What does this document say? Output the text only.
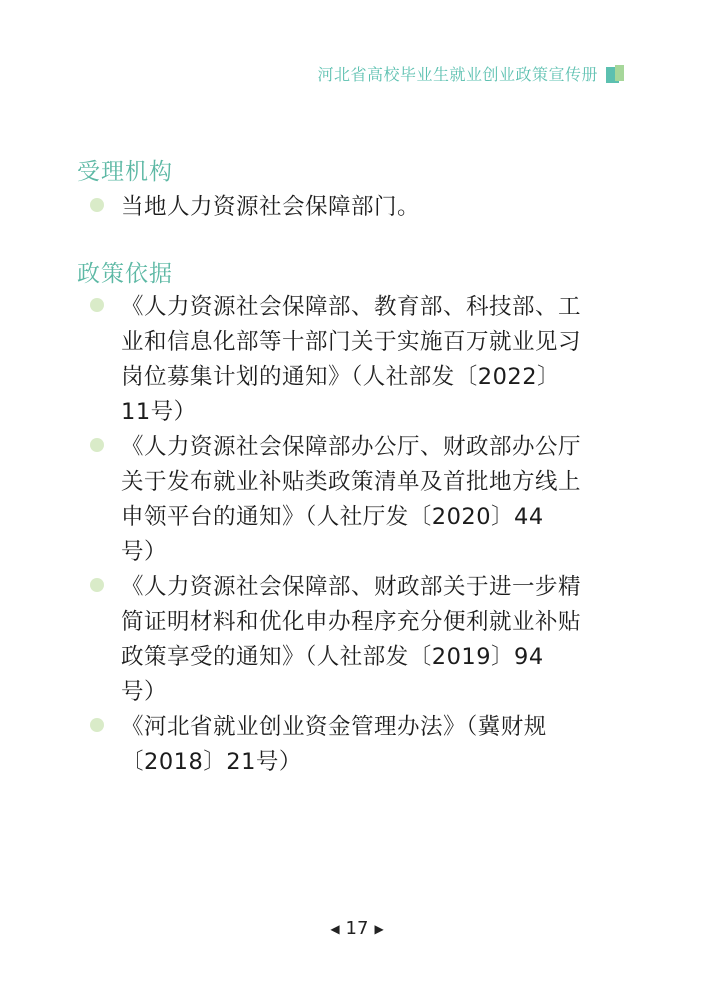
河北省高校毕业生就业创业政策宣传册
受理机构
当地人力资源社会保障部门。
政策依据
《人力资源社会保障部、教育部、科技部、工
业和信息化部等十部门关于实施百万就业见习
岗位募集计划的通知》（人社部发〔2022〕
11号）
《人力资源社会保障部办公厅、财政部办公厅
关于发布就业补贴类政策清单及首批地方线上
申领平台的通知》（人社厅发〔2020〕44
号）
《人力资源社会保障部、财政部关于进一步精
简证明材料和优化申办程序充分便利就业补贴
政策享受的通知》（人社部发〔2019〕94
号）
《河北省就业创业资金管理办法》（冀财规
〔2018〕21号）
◀ 17 ▶
